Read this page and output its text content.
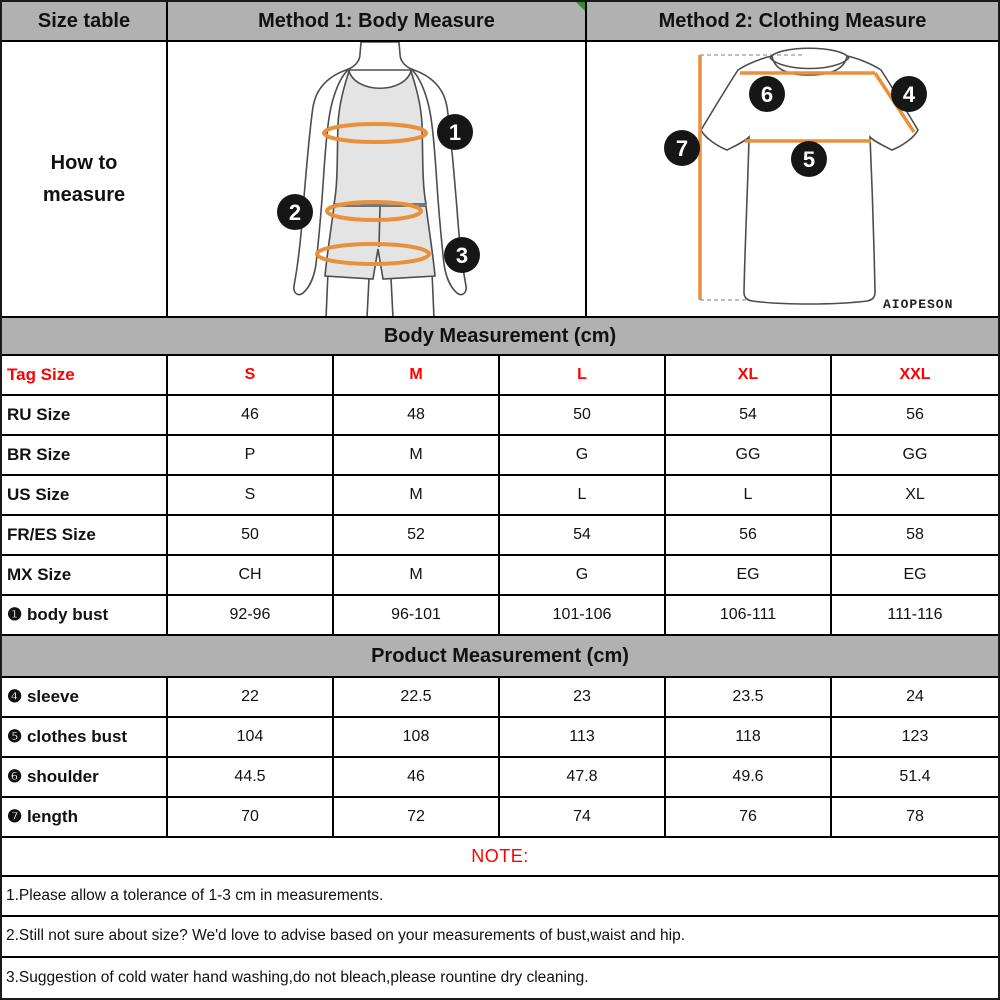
Size table	Method 1: Body Measure	Method 2: Clothing Measure
How to
measure
1
2
3
6	4
5
7
AIOPESON
Body Measurement (cm)
Tag Size	S	M	L	XL	XXL
RU Size	46	48	50	54	56
BR Size	P	M	G	GG	GG
US Size	S	M	L	L	XL
FR/ES Size	50	52	54	56	58
MX Size	CH	M	G	EG	EG
❶ body bust	92-96	96-101	101-106	106-111	111-116
Product Measurement (cm)
❹ sleeve	22	22.5	23	23.5	24
❺ clothes bust	104	108	113	118	123
❻ shoulder	44.5	46	47.8	49.6	51.4
❼ length	70	72	74	76	78
NOTE:
1.Please allow a tolerance of 1-3 cm in measurements.
2.Still not sure about size? We'd love to advise based on your measurements of bust,waist and hip.
3.Suggestion of cold water hand washing,do not bleach,please rountine dry cleaning.
